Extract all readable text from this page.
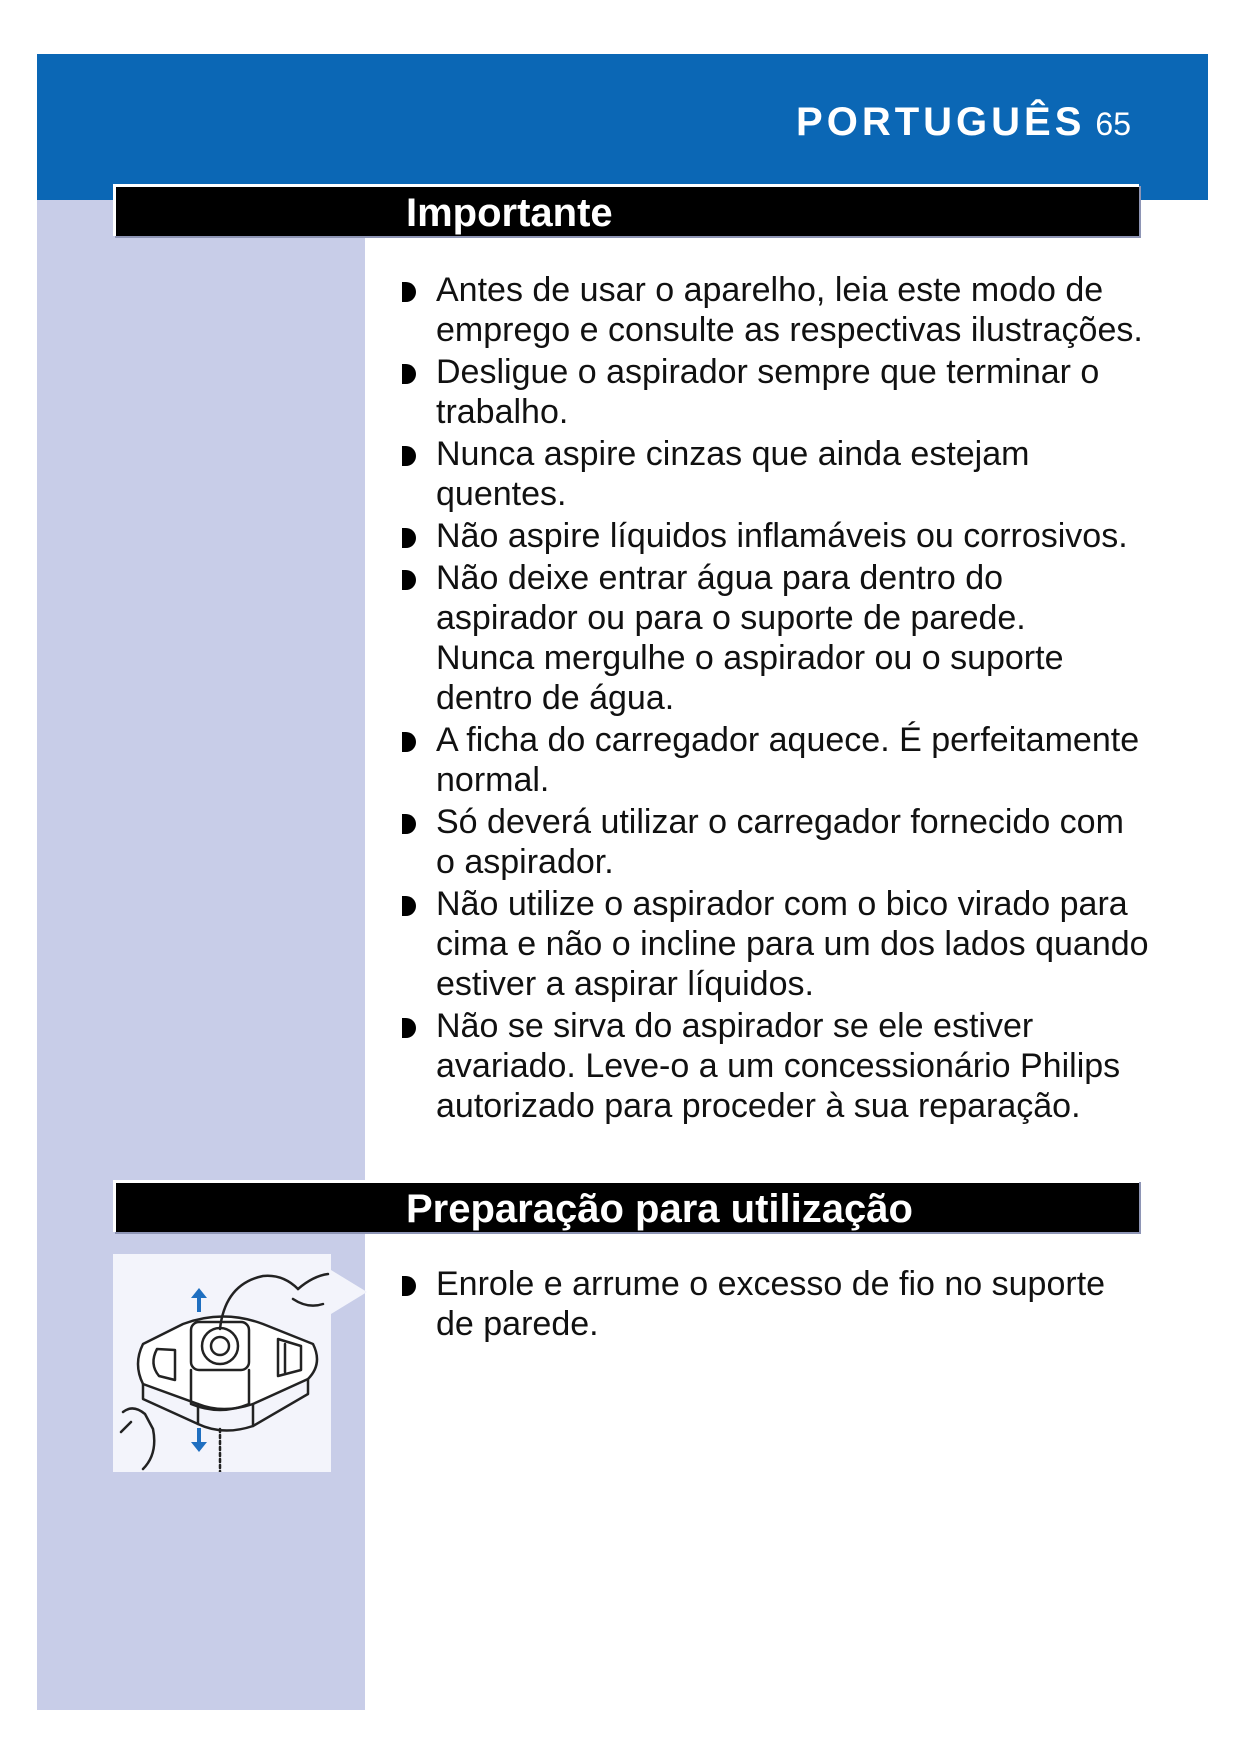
PORTUGUÊS 65
Importante
Antes de usar o aparelho, leia este modo de emprego e consulte as respectivas ilustrações.
Desligue o aspirador sempre que terminar o trabalho.
Nunca aspire cinzas que ainda estejam quentes.
Não aspire líquidos inflamáveis ou corrosivos.
Não deixe entrar água para dentro do aspirador ou para o suporte de parede.
Nunca mergulhe o aspirador ou o suporte dentro de água.
A ficha do carregador aquece. É perfeitamente normal.
Só deverá utilizar o carregador fornecido com o aspirador.
Não utilize o aspirador com o bico virado para cima e não o incline para um dos lados quando estiver a aspirar líquidos.
Não se sirva do aspirador se ele estiver avariado. Leve-o a um concessionário Philips autorizado para proceder à sua reparação.
Preparação para utilização
Enrole e arrume o excesso de fio no suporte de parede.
